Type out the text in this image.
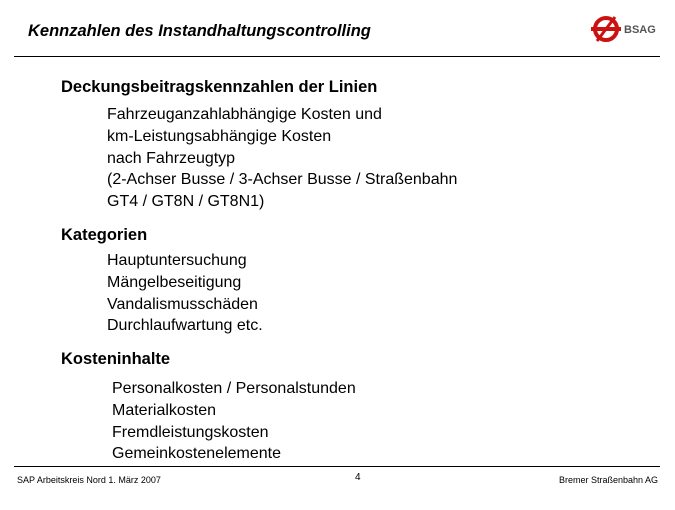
Kennzahlen des Instandhaltungscontrolling	BSAG
Deckungsbeitragskennzahlen der Linien
Fahrzeuganzahlabhängige Kosten und
km-Leistungsabhängige Kosten
nach Fahrzeugtyp
(2-Achser Busse / 3-Achser Busse / Straßenbahn
GT4 / GT8N / GT8N1)
Kategorien
Hauptuntersuchung
Mängelbeseitigung
Vandalismusschäden
Durchlaufwartung etc.
Kosteninhalte
Personalkosten / Personalstunden
Materialkosten
Fremdleistungskosten
Gemeinkostenelemente
SAP Arbeitskreis Nord 1. März 2007	4	Bremer Straßenbahn AG
